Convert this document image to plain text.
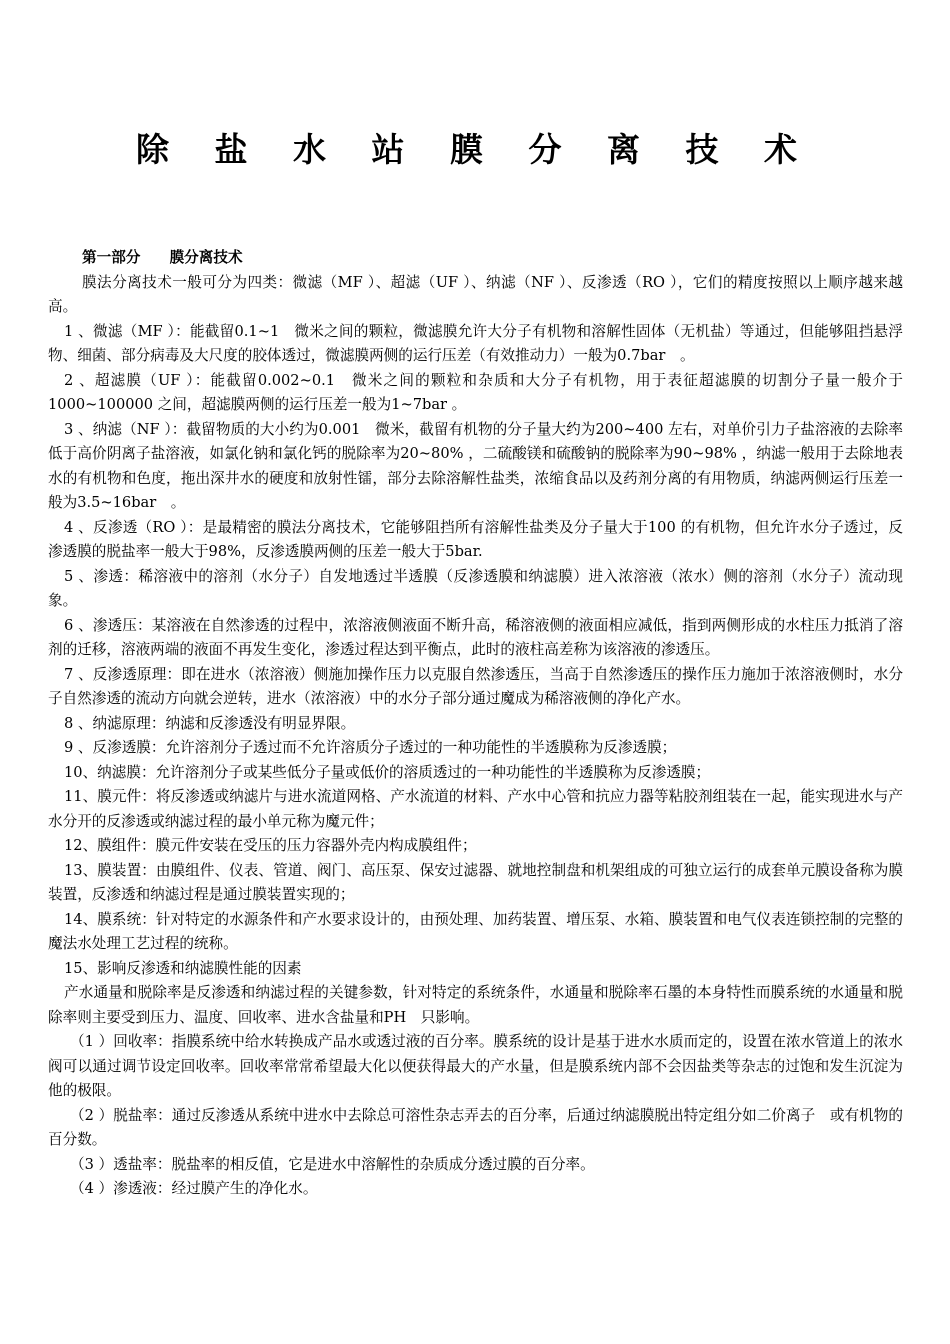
除 盐 水 站 膜 分 离 技 术

第一部分　　膜分离技术

膜法分离技术一般可分为四类：微滤（MF ）、超滤（UF ）、纳滤（NF ）、反渗透（RO ），它们的精度按照以上顺序越来越高。

1 、微滤（MF ）：能截留0.1~1　微米之间的颗粒，微滤膜允许大分子有机物和溶解性固体（无机盐）等通过，但能够阻挡悬浮物、细菌、部分病毒及大尺度的胶体透过，微滤膜两侧的运行压差（有效推动力）一般为0.7bar　。

2 、超滤膜（UF ）：能截留0.002~0.1　微米之间的颗粒和杂质和大分子有机物，用于表征超滤膜的切割分子量一般介于1000~100000 之间，超滤膜两侧的运行压差一般为1~7bar 。

3 、纳滤（NF ）：截留物质的大小约为0.001　微米，截留有机物的分子量大约为200~400 左右，对单价引力子盐溶液的去除率低于高价阴离子盐溶液，如氯化钠和氯化钙的脱除率为20~80% ，二硫酸镁和硫酸钠的脱除率为90~98% ，纳滤一般用于去除地表水的有机物和色度，拖出深井水的硬度和放射性镭，部分去除溶解性盐类，浓缩食品以及药剂分离的有用物质，纳滤两侧运行压差一般为3.5~16bar　。

4 、反渗透（RO ）：是最精密的膜法分离技术，它能够阻挡所有溶解性盐类及分子量大于100 的有机物，但允许水分子透过，反渗透膜的脱盐率一般大于98%，反渗透膜两侧的压差一般大于5bar.

5 、渗透：稀溶液中的溶剂（水分子）自发地透过半透膜（反渗透膜和纳滤膜）进入浓溶液（浓水）侧的溶剂（水分子）流动现象。

6 、渗透压：某溶液在自然渗透的过程中，浓溶液侧液面不断升高，稀溶液侧的液面相应减低，指到两侧形成的水柱压力抵消了溶剂的迁移，溶液两端的液面不再发生变化，渗透过程达到平衡点，此时的液柱高差称为该溶液的渗透压。

7 、反渗透原理：即在进水（浓溶液）侧施加操作压力以克服自然渗透压，当高于自然渗透压的操作压力施加于浓溶液侧时，水分子自然渗透的流动方向就会逆转，进水（浓溶液）中的水分子部分通过魔成为稀溶液侧的净化产水。

8 、纳滤原理：纳滤和反渗透没有明显界限。

9 、反渗透膜：允许溶剂分子透过而不允许溶质分子透过的一种功能性的半透膜称为反渗透膜；

10、纳滤膜：允许溶剂分子或某些低分子量或低价的溶质透过的一种功能性的半透膜称为反渗透膜；

11、膜元件：将反渗透或纳滤片与进水流道网格、产水流道的材料、产水中心管和抗应力器等粘胶剂组装在一起，能实现进水与产水分开的反渗透或纳滤过程的最小单元称为魔元件；

12、膜组件：膜元件安装在受压的压力容器外壳内构成膜组件；

13、膜装置：由膜组件、仪表、管道、阀门、高压泵、保安过滤器、就地控制盘和机架组成的可独立运行的成套单元膜设备称为膜装置，反渗透和纳滤过程是通过膜装置实现的；

14、膜系统：针对特定的水源条件和产水要求设计的，由预处理、加药装置、增压泵、水箱、膜装置和电气仪表连锁控制的完整的魔法水处理工艺过程的统称。

15、影响反渗透和纳滤膜性能的因素

产水通量和脱除率是反渗透和纳滤过程的关键参数，针对特定的系统条件，水通量和脱除率石墨的本身特性而膜系统的水通量和脱除率则主要受到压力、温度、回收率、进水含盐量和PH　只影响。

（1 ）回收率：指膜系统中给水转换成产品水或透过液的百分率。膜系统的设计是基于进水水质而定的，设置在浓水管道上的浓水阀可以通过调节设定回收率。回收率常常希望最大化以便获得最大的产水量，但是膜系统内部不会因盐类等杂志的过饱和发生沉淀为他的极限。

（2 ）脱盐率：通过反渗透从系统中进水中去除总可溶性杂志弄去的百分率，后通过纳滤膜脱出特定组分如二价离子　或有机物的百分数。

（3 ）透盐率：脱盐率的相反值，它是进水中溶解性的杂质成分透过膜的百分率。

（4 ）渗透液：经过膜产生的净化水。
